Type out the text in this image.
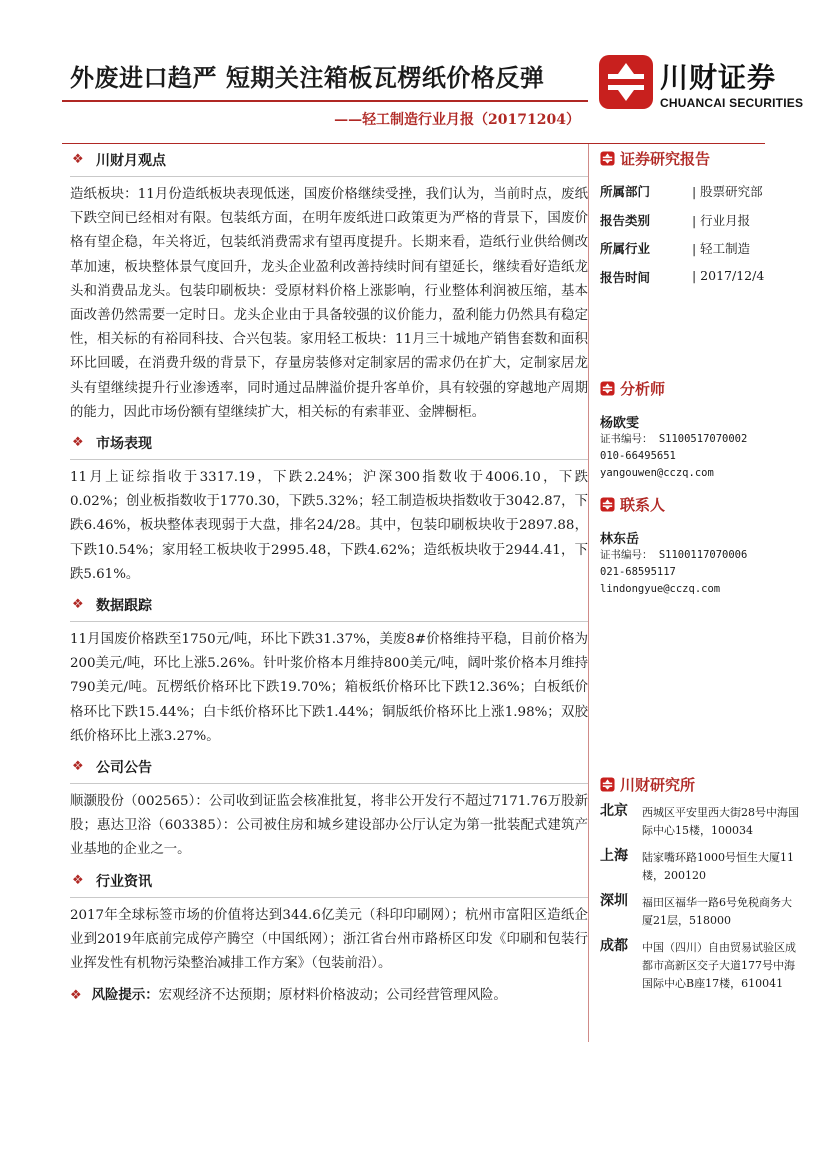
外废进口趋严 短期关注箱板瓦楞纸价格反弹
——轻工制造行业月报（20171204）
川财证券
CHUANCAI SECURITIES
❖ 川财月观点

造纸板块：11月份造纸板块表现低迷，国废价格继续受挫，我们认为，当前时点，废纸下跌空间已经相对有限。包装纸方面，在明年废纸进口政策更为严格的背景下，国废价格有望企稳，年关将近，包装纸消费需求有望再度提升。长期来看，造纸行业供给侧改革加速，板块整体景气度回升，龙头企业盈利改善持续时间有望延长，继续看好造纸龙头和消费品龙头。包装印刷板块：受原材料价格上涨影响，行业整体利润被压缩，基本面改善仍然需要一定时日。龙头企业由于具备较强的议价能力，盈利能力仍然具有稳定性，相关标的有裕同科技、合兴包装。家用轻工板块：11月三十城地产销售套数和面积环比回暖，在消费升级的背景下，存量房装修对定制家居的需求仍在扩大，定制家居龙头有望继续提升行业渗透率，同时通过品牌溢价提升客单价，具有较强的穿越地产周期的能力，因此市场份额有望继续扩大，相关标的有索菲亚、金牌橱柜。

❖ 市场表现

11月上证综指收于3317.19，下跌2.24%；沪深300指数收于4006.10，下跌0.02%；创业板指数收于1770.30，下跌5.32%；轻工制造板块指数收于3042.87，下跌6.46%，板块整体表现弱于大盘，排名24/28。其中，包装印刷板块收于2897.88，下跌10.54%；家用轻工板块收于2995.48，下跌4.62%；造纸板块收于2944.41，下跌5.61%。

❖ 数据跟踪

11月国废价格跌至1750元/吨，环比下跌31.37%，美废8#价格维持平稳，目前价格为200美元/吨，环比上涨5.26%。针叶浆价格本月维持800美元/吨，阔叶浆价格本月维持790美元/吨。瓦楞纸价格环比下跌19.70%；箱板纸价格环比下跌12.36%；白板纸价格环比下跌15.44%；白卡纸价格环比下跌1.44%；铜版纸价格环比上涨1.98%；双胶纸价格环比上涨3.27%。

❖ 公司公告

顺灏股份（002565）：公司收到证监会核准批复，将非公开发行不超过7171.76万股新股；惠达卫浴（603385）：公司被住房和城乡建设部办公厅认定为第一批装配式建筑产业基地的企业之一。

❖ 行业资讯

2017年全球标签市场的价值将达到344.6亿美元（科印印刷网）；杭州市富阳区造纸企业到2019年底前完成停产腾空（中国纸网）；浙江省台州市路桥区印发《印刷和包装行业挥发性有机物污染整治减排工作方案》（包装前沿）。

❖ 风险提示：宏观经济不达预期；原材料价格波动；公司经营管理风险。
证券研究报告
所属部门	| 股票研究部
报告类别	| 行业月报
所属行业	| 轻工制造
报告时间	| 2017/12/4
分析师
杨欧雯
证书编号： S1100517070002
010-66495651
yangouwen@cczq.com
联系人
林东岳
证书编号： S1100117070006
021-68595117
lindongyue@cczq.com
川财研究所
北京 西城区平安里西大街28号中海国际中心15楼，100034
上海 陆家嘴环路1000号恒生大厦11楼，200120
深圳 福田区福华一路6号免税商务大厦21层，518000
成都 中国（四川）自由贸易试验区成都市高新区交子大道177号中海国际中心B座17楼，610041
